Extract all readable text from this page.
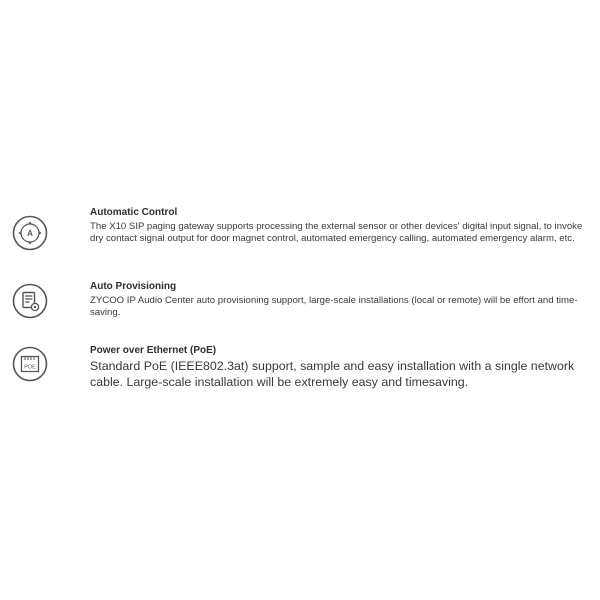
A

Automatic Control

The X10 SIP paging gateway supports processing the external sensor or other devices' digital input signal, to invoke dry contact signal output for door magnet control, automated emergency calling, automated emergency alarm, etc.

Auto Provisioning

ZYCOO IP Audio Center auto provisioning support, large-scale installations (local or remote) will be effort and time-saving.

POE

Power over Ethernet (PoE)

Standard PoE (IEEE802.3at) support, sample and easy installation with a single network cable. Large-scale installation will be extremely easy and timesaving.
